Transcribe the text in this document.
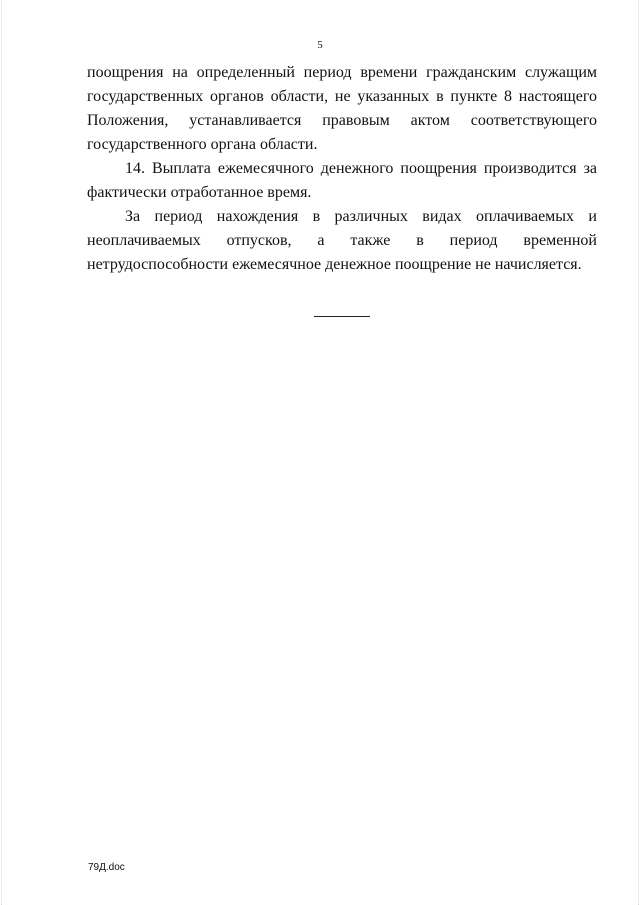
5
поощрения на определенный период времени гражданским служащим
государственных органов области, не указанных в пункте 8 настоящего
Положения, устанавливается правовым актом соответствующего
государственного органа области.
14. Выплата ежемесячного денежного поощрения производится за
фактически отработанное время.
За период нахождения в различных видах оплачиваемых и
неоплачиваемых отпусков, а также в период временной
нетрудоспособности ежемесячное денежное поощрение не начисляется.
79Д.doc
